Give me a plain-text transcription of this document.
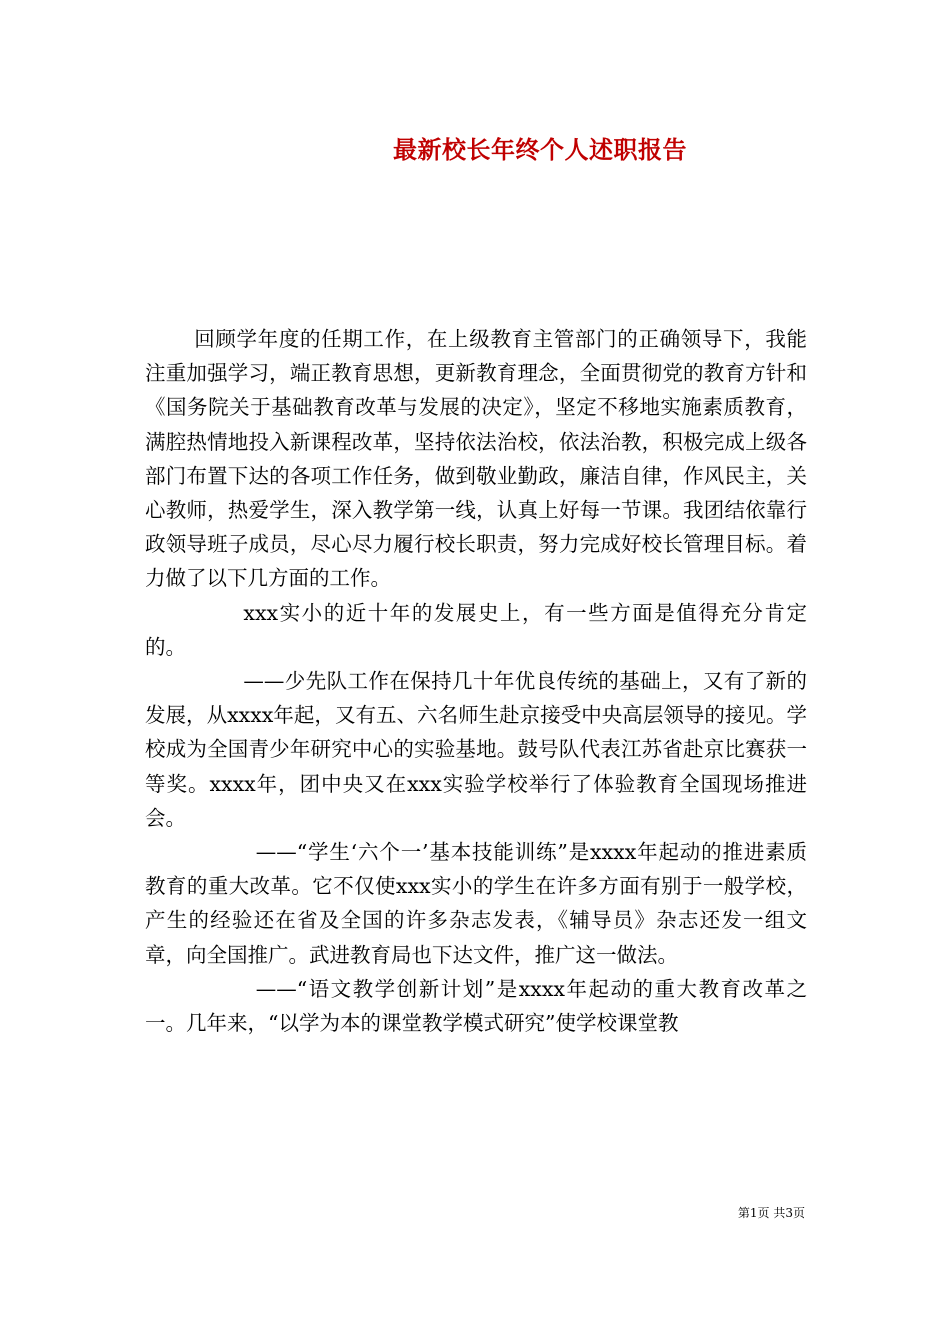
最新校长年终个人述职报告

回顾学年度的任期工作，在上级教育主管部门的正确领导下，我能注重加强学习，端正教育思想，更新教育理念，全面贯彻党的教育方针和《国务院关于基础教育改革与发展的决定》，坚定不移地实施素质教育，满腔热情地投入新课程改革，坚持依法治校，依法治教，积极完成上级各部门布置下达的各项工作任务，做到敬业勤政，廉洁自律，作风民主，关心教师，热爱学生，深入教学第一线，认真上好每一节课。我团结依靠行政领导班子成员，尽心尽力履行校长职责，努力完成好校长管理目标。着力做了以下几方面的工作。

xxx实小的近十年的发展史上，有一些方面是值得充分肯定的。

——少先队工作在保持几十年优良传统的基础上，又有了新的发展，从xxxx年起，又有五、六名师生赴京接受中央高层领导的接见。学校成为全国青少年研究中心的实验基地。鼓号队代表江苏省赴京比赛获一等奖。xxxx年，团中央又在xxx实验学校举行了体验教育全国现场推进会。

——“学生‘六个一’基本技能训练”是xxxx年起动的推进素质教育的重大改革。它不仅使xxx实小的学生在许多方面有别于一般学校，产生的经验还在省及全国的许多杂志发表，《辅导员》杂志还发一组文章，向全国推广。武进教育局也下达文件，推广这一做法。

——“语文教学创新计划”是xxxx年起动的重大教育改革之一。几年来，“以学为本的课堂教学模式研究”使学校课堂教

第1页 共3页
